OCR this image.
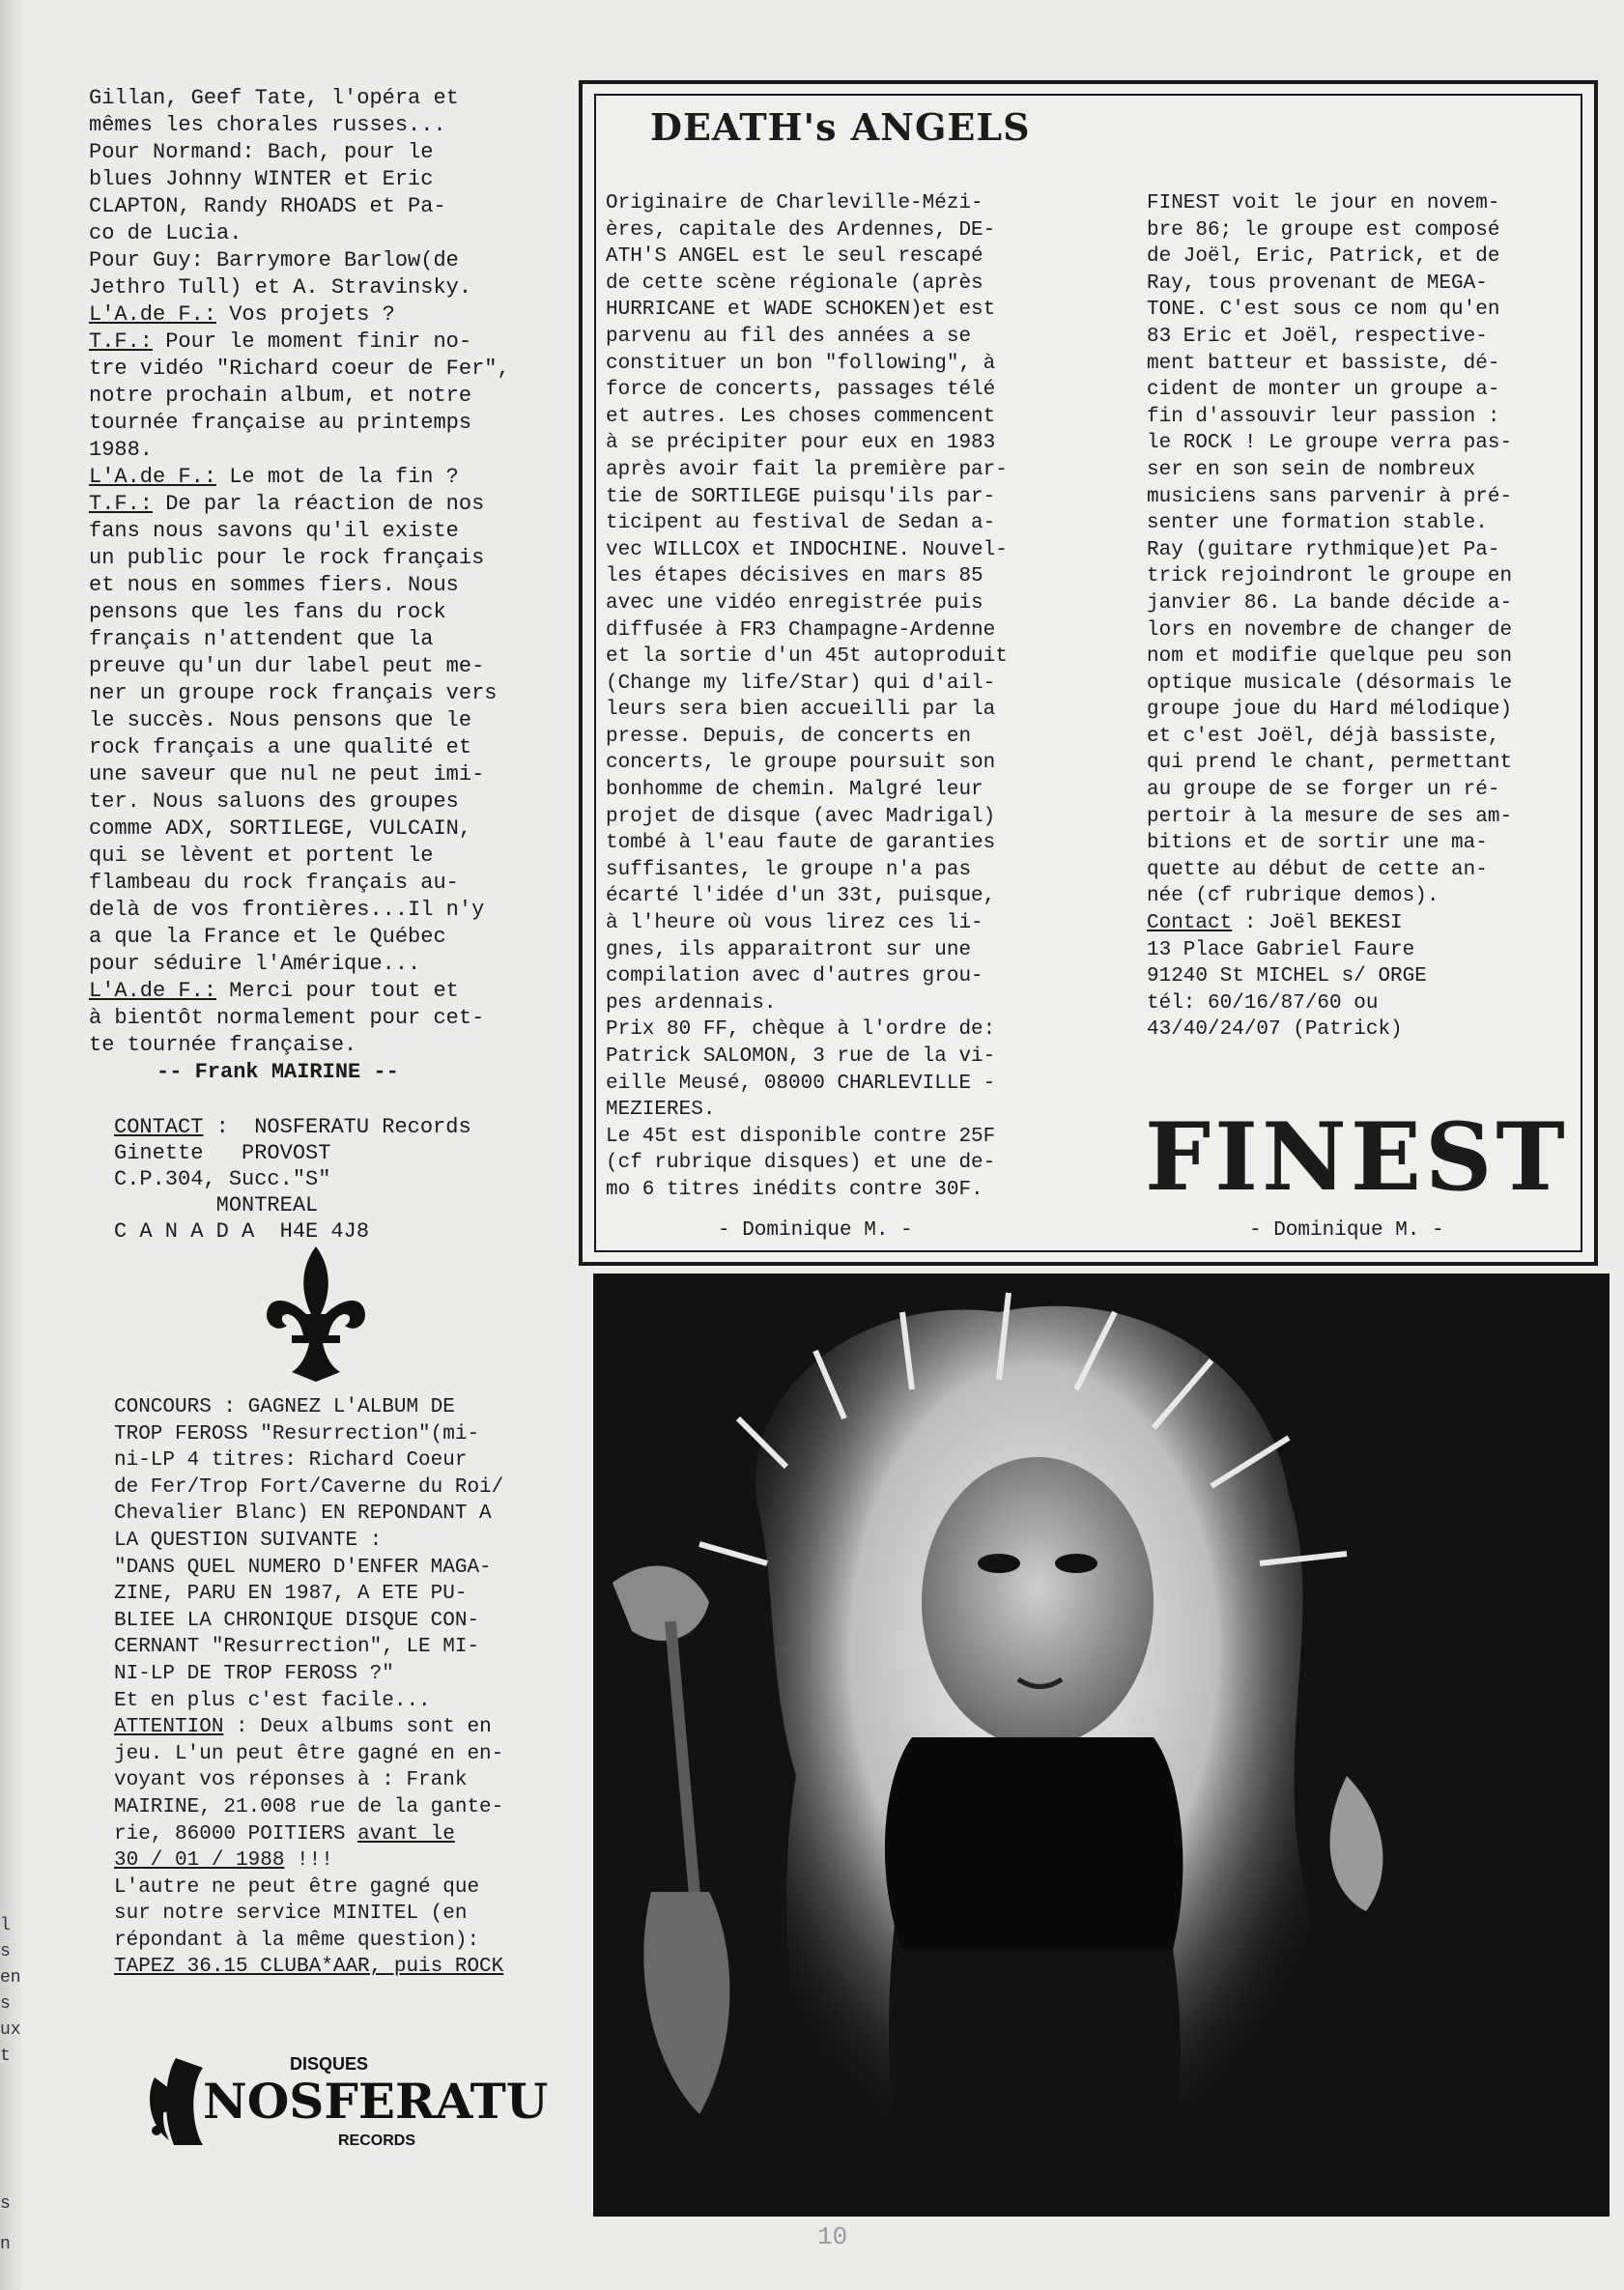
l
s
en
s
ux
t
s
n

Gillan, Geef Tate, l'opéra et
mêmes les chorales russes...
Pour Normand: Bach, pour le
blues Johnny WINTER et Eric
CLAPTON, Randy RHOADS et Pa-
co de Lucia.
Pour Guy: Barrymore Barlow(de
Jethro Tull) et A. Stravinsky.

L'A.de F.: Vos projets ?

T.F.: Pour le moment finir no-
tre vidéo "Richard coeur de Fer",
notre prochain album, et notre
tournée française au printemps
1988.

L'A.de F.: Le mot de la fin ?

T.F.: De par la réaction de nos
fans nous savons qu'il existe
un public pour le rock français
et nous en sommes fiers. Nous
pensons que les fans du rock
français n'attendent que la
preuve qu'un dur label peut me-
ner un groupe rock français vers
le succès. Nous pensons que le
rock français a une qualité et
une saveur que nul ne peut imi-
ter. Nous saluons des groupes
comme ADX, SORTILEGE, VULCAIN,
qui se lèvent et portent le
flambeau du rock français au-
delà de vos frontières...Il n'y
a que la France et le Québec
pour séduire l'Amérique...

L'A.de F.: Merci pour tout et
à bientôt normalement pour cet-
te tournée française.

-- Frank MAIRINE --

CONTACT :  NOSFERATU Records
Ginette   PROVOST
C.P.304, Succ."S"
MONTREAL
C A N A D A  H4E 4J8

CONCOURS : GAGNEZ L'ALBUM DE
TROP FEROSS "Resurrection"(mi-
ni-LP 4 titres: Richard Coeur
de Fer/Trop Fort/Caverne du Roi/
Chevalier Blanc) EN REPONDANT A
LA QUESTION SUIVANTE :
"DANS QUEL NUMERO D'ENFER MAGA-
ZINE, PARU EN 1987, A ETE PU-
BLIEE LA CHRONIQUE DISQUE CON-
CERNANT "Resurrection", LE MI-
NI-LP DE TROP FEROSS ?"
Et en plus c'est facile...

ATTENTION : Deux albums sont en
jeu. L'un peut être gagné en en-
voyant vos réponses à : Frank
MAIRINE, 21.008 rue de la gante-
rie, 86000 POITIERS avant le

30 / 01 / 1988 !!!

L'autre ne peut être gagné que
sur notre service MINITEL (en
répondant à la même question):

TAPEZ 36.15 CLUBA*AAR, puis ROCK

DISQUES
NOSFERATU
RECORDS
DEATH's ANGELS

Originaire de Charleville-Mézi-
ères, capitale des Ardennes, DE-
ATH'S ANGEL est le seul rescapé
de cette scène régionale (après
HURRICANE et WADE SCHOKEN)et est
parvenu au fil des années a se
constituer un bon "following", à
force de concerts, passages télé
et autres. Les choses commencent
à se précipiter pour eux en 1983
après avoir fait la première par-
tie de SORTILEGE puisqu'ils par-
ticipent au festival de Sedan a-
vec WILLCOX et INDOCHINE. Nouvel-
les étapes décisives en mars 85
avec une vidéo enregistrée puis
diffusée à FR3 Champagne-Ardenne
et la sortie d'un 45t autoproduit
(Change my life/Star) qui d'ail-
leurs sera bien accueilli par la
presse. Depuis, de concerts en
concerts, le groupe poursuit son
bonhomme de chemin. Malgré leur
projet de disque (avec Madrigal)
tombé à l'eau faute de garanties
suffisantes, le groupe n'a pas
écarté l'idée d'un 33t, puisque,
à l'heure où vous lirez ces li-
gnes, ils apparaitront sur une
compilation avec d'autres grou-
pes ardennais.
Prix 80 FF, chèque à l'ordre de:
Patrick SALOMON, 3 rue de la vi-
eille Meusé, 08000 CHARLEVILLE -
MEZIERES.
Le 45t est disponible contre 25F
(cf rubrique disques) et une de-
mo 6 titres inédits contre 30F.

- Dominique M. -

FINEST voit le jour en novem-
bre 86; le groupe est composé
de Joël, Eric, Patrick, et de
Ray, tous provenant de MEGA-
TONE. C'est sous ce nom qu'en
83 Eric et Joël, respective-
ment batteur et bassiste, dé-
cident de monter un groupe a-
fin d'assouvir leur passion :
le ROCK ! Le groupe verra pas-
ser en son sein de nombreux
musiciens sans parvenir à pré-
senter une formation stable.
Ray (guitare rythmique)et Pa-
trick rejoindront le groupe en
janvier 86. La bande décide a-
lors en novembre de changer de
nom et modifie quelque peu son
optique musicale (désormais le
groupe joue du Hard mélodique)
et c'est Joël, déjà bassiste,
qui prend le chant, permettant
au groupe de se forger un ré-
pertoir à la mesure de ses am-
bitions et de sortir une ma-
quette au début de cette an-
née (cf rubrique demos).

Contact : Joël BEKESI

13 Place Gabriel Faure
91240 St MICHEL s/ ORGE
tél: 60/16/87/60 ou
43/40/24/07 (Patrick)

FINEST
- Dominique M. -
10
